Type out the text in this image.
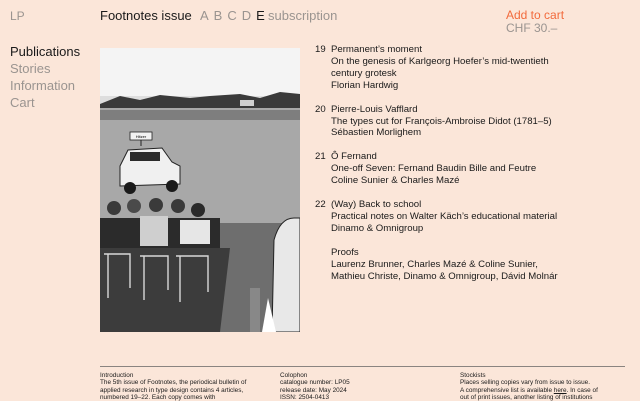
LP	Footnotes issue A B C D E subscription	Add to cart
CHF 30.–
Publications
Stories
Information
Cart
Hitzer
19 Permanent’s moment
On the genesis of Karlgeorg Hoefer’s mid-twentieth
century grotesk
Florian Hardwig
20 Pierre-Louis Vafflard
The types cut for François-Ambroise Didot (1781–5)
Sébastien Morlighem
21 Ô Fernand
One-off Seven: Fernand Baudin Bille and Feutre
Coline Sunier & Charles Mazé
22 (Way) Back to school
Practical notes on Walter Käch’s educational material
Dinamo & Omnigroup
Proofs
Laurenz Brunner, Charles Mazé & Coline Sunier,
Mathieu Christe, Dinamo & Omnigroup, Dávid Molnár
Introduction
The 5th issue of Footnotes, the periodical bulletin of
applied research in type design contains 4 articles,
numbered 19–22. Each copy comes with
Colophon
catalogue number: LP05
release date: May 2024
ISSN: 2504-0413
Stockists
Places selling copies vary from issue to issue.
A comprehensive list is available here. In case of
out of print issues, another listing of institutions
